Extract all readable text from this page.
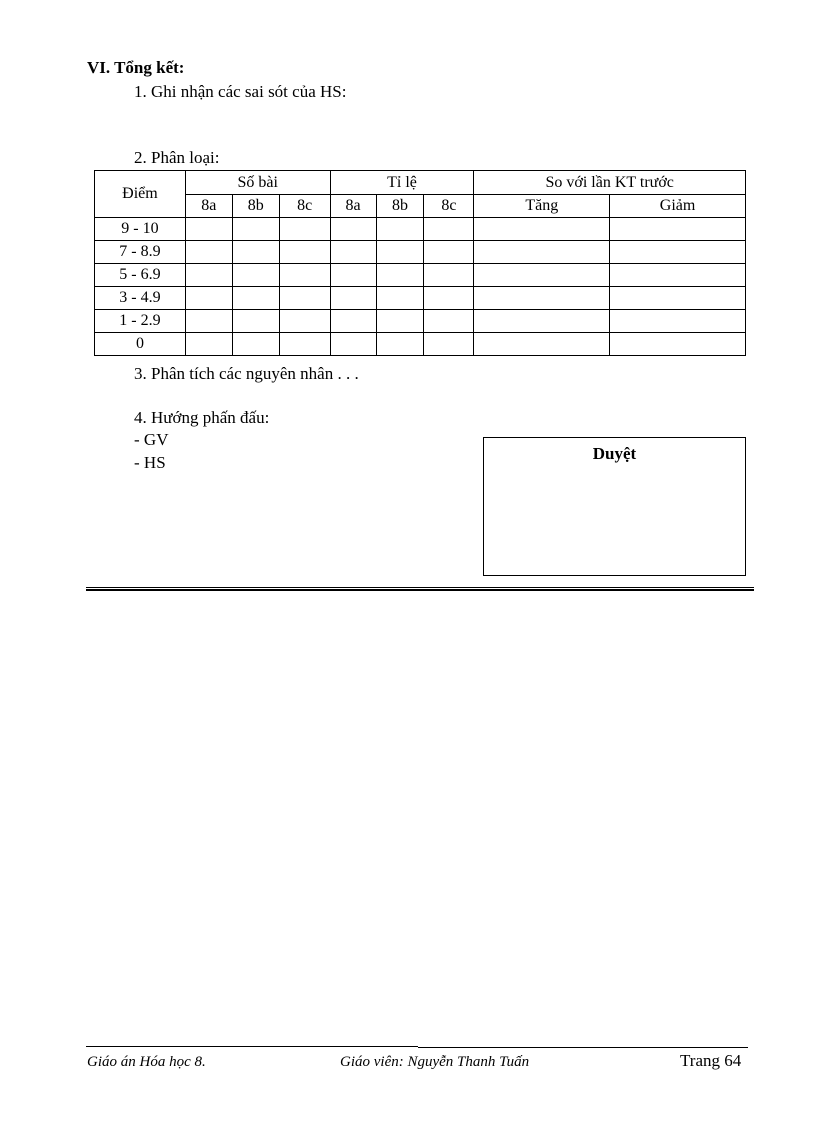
VI. Tổng kết:
1. Ghi nhận các sai sót của HS:
2. Phân loại:
Điểm	Số bài			Tỉ lệ			So với lần KT trước	
	8a	8b	8c	8a	8b	8c	Tăng	Giảm
9 - 10								
7 - 8.9								
5 - 6.9								
3 - 4.9								
1 - 2.9								
0								
3. Phân tích các nguyên nhân . . .
4. Hướng phấn đấu:
- GV
- HS	Duyệt
Giáo án Hóa học 8.	Giáo viên: Nguyễn Thanh Tuấn	Trang 64
